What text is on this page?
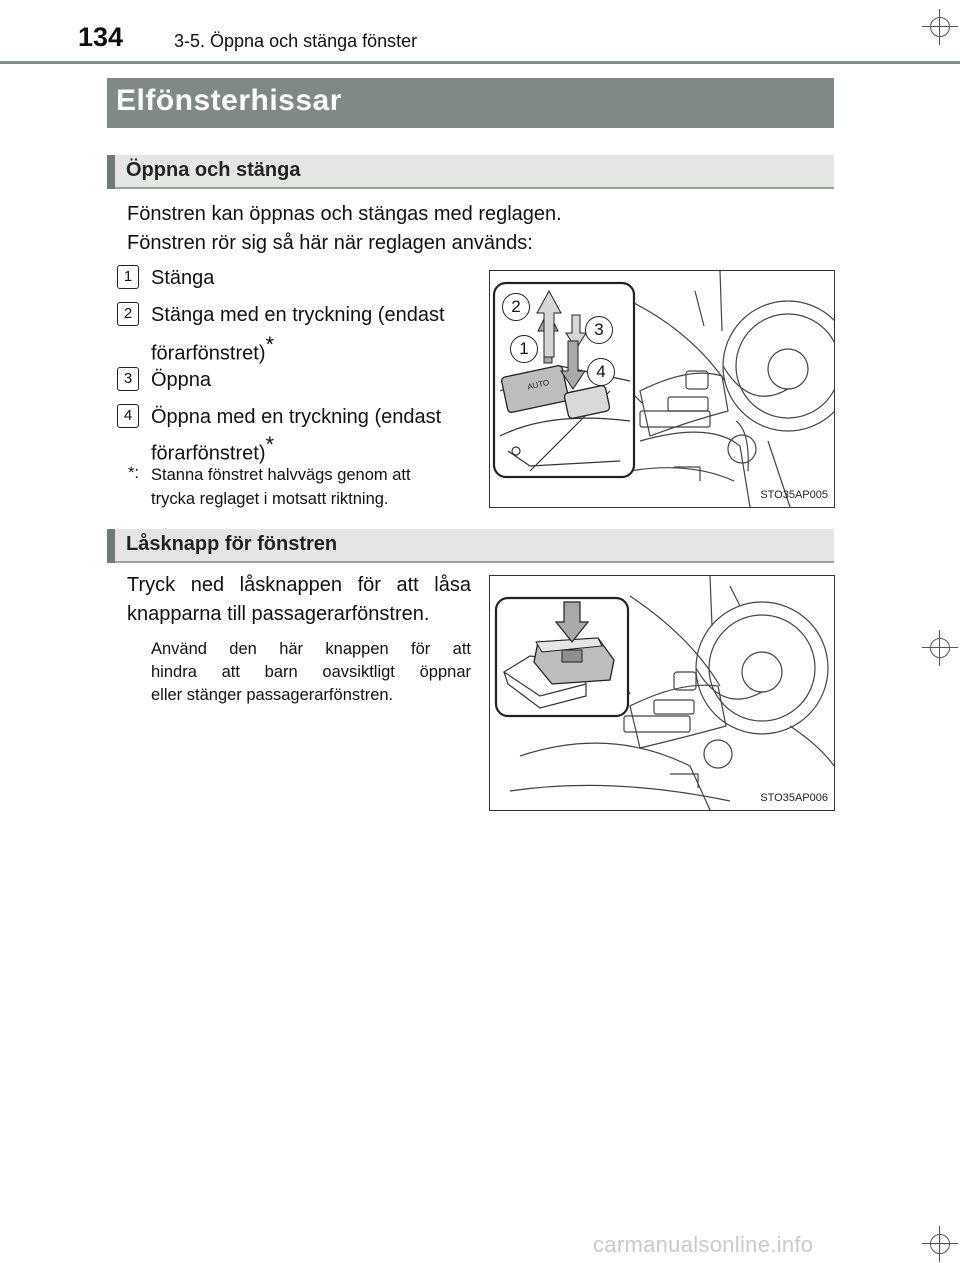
134	3-5. Öppna och stänga fönster
Elfönsterhissar
Öppna och stänga
Fönstren kan öppnas och stängas med reglagen.
Fönstren rör sig så här när reglagen används:
1 Stänga
2 Stänga med en tryckning (endast
förarfönstret)*
3 Öppna
4 Öppna med en tryckning (endast
förarfönstret)*
*: Stanna fönstret halvvägs genom att
trycka reglaget i motsatt riktning.
AUTO
2
1
3
4
STO35AP005
Låsknapp för fönstren
Tryck ned låsknappen för att låsa
knapparna till passagerarfönstren.
Använd den här knappen för att
hindra att barn oavsiktligt öppnar
eller stänger passagerarfönstren.
STO35AP006
carmanualsonline.info
